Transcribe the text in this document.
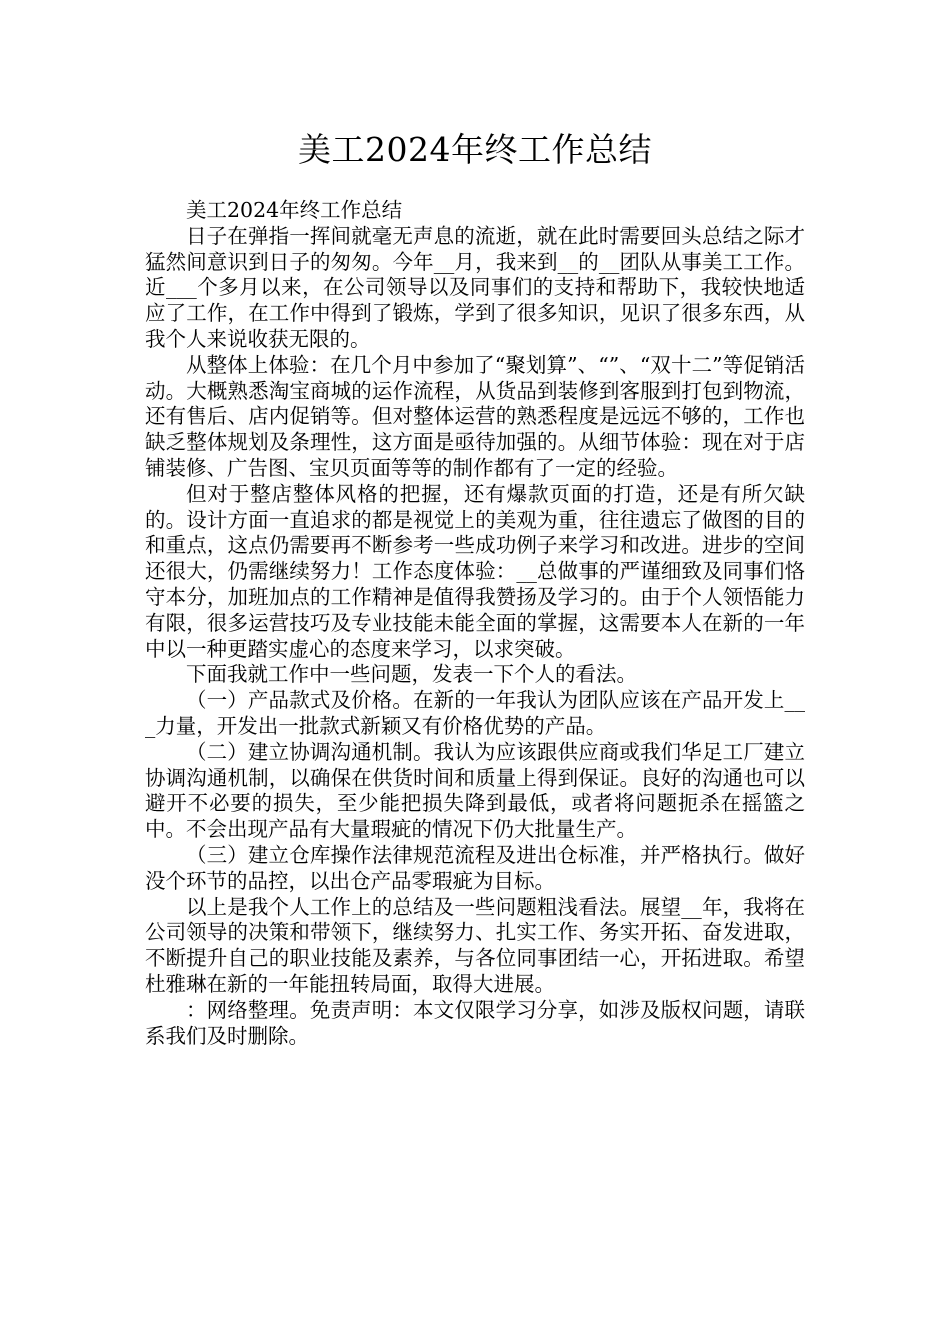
美工2024年终工作总结

美工2024年终工作总结

日子在弹指一挥间就毫无声息的流逝，就在此时需要回头总结之际才猛然间意识到日子的匆匆。今年__月，我来到__的__团队从事美工工作。近___个多月以来，在公司领导以及同事们的支持和帮助下，我较快地适应了工作，在工作中得到了锻炼，学到了很多知识，见识了很多东西，从我个人来说收获无限的。

从整体上体验：在几个月中参加了“聚划算”、“”、“双十二”等促销活动。大概熟悉淘宝商城的运作流程，从货品到装修到客服到打包到物流，还有售后、店内促销等。但对整体运营的熟悉程度是远远不够的，工作也缺乏整体规划及条理性，这方面是亟待加强的。从细节体验：现在对于店铺装修、广告图、宝贝页面等等的制作都有了一定的经验。

但对于整店整体风格的把握，还有爆款页面的打造，还是有所欠缺的。设计方面一直追求的都是视觉上的美观为重，往往遗忘了做图的目的和重点，这点仍需要再不断参考一些成功例子来学习和改进。进步的空间还很大，仍需继续努力！工作态度体验：__总做事的严谨细致及同事们恪守本分，加班加点的工作精神是值得我赞扬及学习的。由于个人领悟能力有限，很多运营技巧及专业技能未能全面的掌握，这需要本人在新的一年中以一种更踏实虚心的态度来学习，以求突破。

下面我就工作中一些问题，发表一下个人的看法。

（一）产品款式及价格。在新的一年我认为团队应该在产品开发上___力量，开发出一批款式新颖又有价格优势的产品。

（二）建立协调沟通机制。我认为应该跟供应商或我们华足工厂建立协调沟通机制，以确保在供货时间和质量上得到保证。良好的沟通也可以避开不必要的损失，至少能把损失降到最低，或者将问题扼杀在摇篮之中。不会出现产品有大量瑕疵的情况下仍大批量生产。

（三）建立仓库操作法律规范流程及进出仓标准，并严格执行。做好没个环节的品控，以出仓产品零瑕疵为目标。

以上是我个人工作上的总结及一些问题粗浅看法。展望__年，我将在公司领导的决策和带领下，继续努力、扎实工作、务实开拓、奋发进取，不断提升自己的职业技能及素养，与各位同事团结一心，开拓进取。希望杜雅琳在新的一年能扭转局面，取得大进展。

：网络整理。免责声明：本文仅限学习分享，如涉及版权问题，请联系我们及时删除。
